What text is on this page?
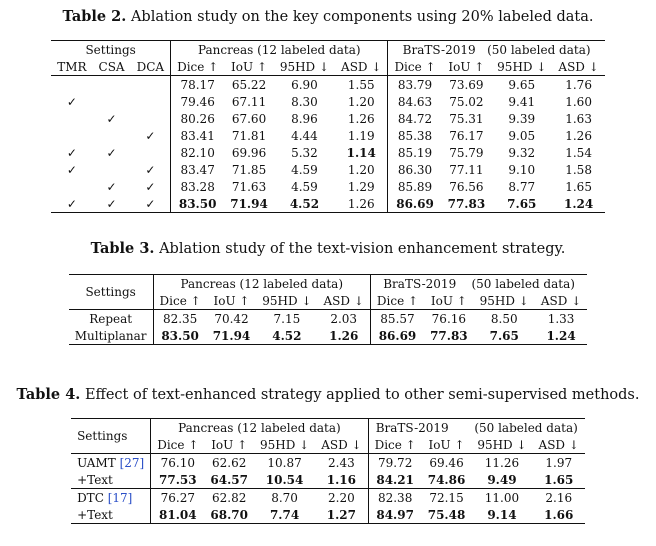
Table 2. Ablation study on the key components using 20% labeled data.
Settings			Pancreas (12 labeled data)				BraTS-2019   (50 labeled data)			
TMR	CSA	DCA	Dice ↑	IoU ↑	95HD ↓	ASD ↓	Dice ↑	IoU ↑	95HD ↓	ASD ↓
			78.17	65.22	6.90	1.55	83.79	73.69	9.65	1.76
✓			79.46	67.11	8.30	1.20	84.63	75.02	9.41	1.60
	✓		80.26	67.60	8.96	1.26	84.72	75.31	9.39	1.63
		✓	83.41	71.81	4.44	1.19	85.38	76.17	9.05	1.26
✓	✓		82.10	69.96	5.32	1.14	85.19	75.79	9.32	1.54
✓		✓	83.47	71.85	4.59	1.20	86.30	77.11	9.10	1.58
	✓	✓	83.28	71.63	4.59	1.29	85.89	76.56	8.77	1.65
✓	✓	✓	83.50	71.94	4.52	1.26	86.69	77.83	7.65	1.24
Table 3. Ablation study of the text-vision enhancement strategy.
Settings	Pancreas (12 labeled data)				BraTS-2019    (50 labeled data)			
	Dice ↑	IoU ↑	95HD ↓	ASD ↓	Dice ↑	IoU ↑	95HD ↓	ASD ↓
Repeat	82.35	70.42	7.15	2.03	85.57	76.16	8.50	1.33
Multiplanar	83.50	71.94	4.52	1.26	86.69	77.83	7.65	1.24
Table 4. Effect of text-enhanced strategy applied to other semi-supervised methods.
Settings	Pancreas (12 labeled data)				BraTS-2019 (50 labeled data)			
	Dice ↑	IoU ↑	95HD ↓	ASD ↓	Dice ↑	IoU ↑	95HD ↓	ASD ↓
UAMT [27]	76.10	62.62	10.87	2.43	79.72	69.46	11.26	1.97
+Text	77.53	64.57	10.54	1.16	84.21	74.86	9.49	1.65
DTC [17]	76.27	62.82	8.70	2.20	82.38	72.15	11.00	2.16
+Text	81.04	68.70	7.74	1.27	84.97	75.48	9.14	1.66
